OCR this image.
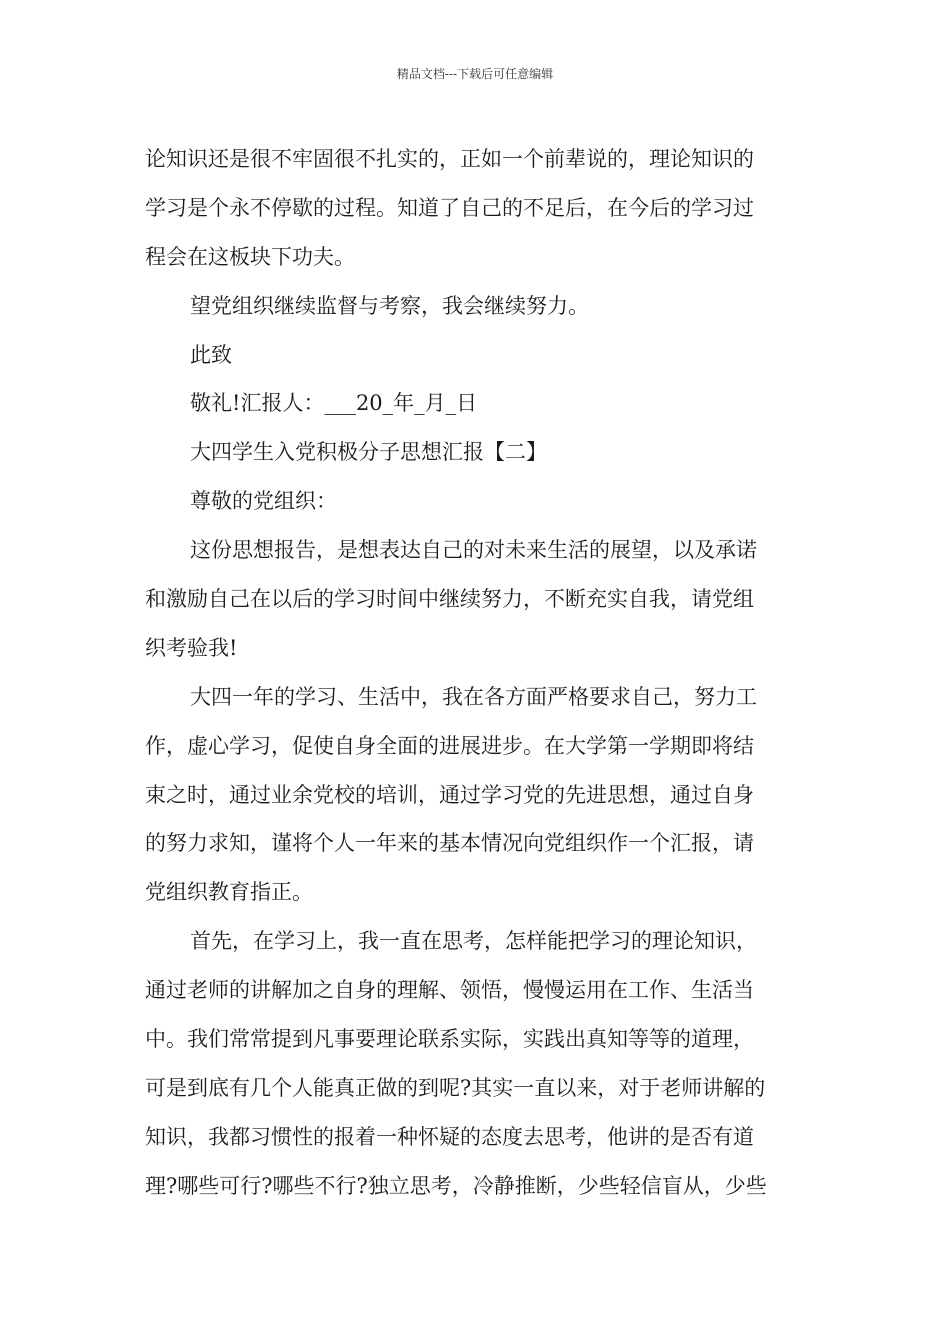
精品文档---下载后可任意编辑
论知识还是很不牢固很不扎实的，正如一个前辈说的，理论知识的
学习是个永不停歇的过程。知道了自己的不足后，在今后的学习过
程会在这板块下功夫。
望党组织继续监督与考察，我会继续努力。
此致
敬礼!汇报人：___20_年_月_日
大四学生入党积极分子思想汇报【二】
尊敬的党组织：
这份思想报告，是想表达自己的对未来生活的展望，以及承诺
和激励自己在以后的学习时间中继续努力，不断充实自我，请党组
织考验我!
大四一年的学习、生活中，我在各方面严格要求自己，努力工
作，虚心学习，促使自身全面的进展进步。在大学第一学期即将结
束之时，通过业余党校的培训，通过学习党的先进思想，通过自身
的努力求知，谨将个人一年来的基本情况向党组织作一个汇报，请
党组织教育指正。
首先，在学习上，我一直在思考，怎样能把学习的理论知识，
通过老师的讲解加之自身的理解、领悟，慢慢运用在工作、生活当
中。我们常常提到凡事要理论联系实际，实践出真知等等的道理，
可是到底有几个人能真正做的到呢?其实一直以来，对于老师讲解的
知识，我都习惯性的报着一种怀疑的态度去思考，他讲的是否有道
理?哪些可行?哪些不行?独立思考，冷静推断，少些轻信盲从，少些
